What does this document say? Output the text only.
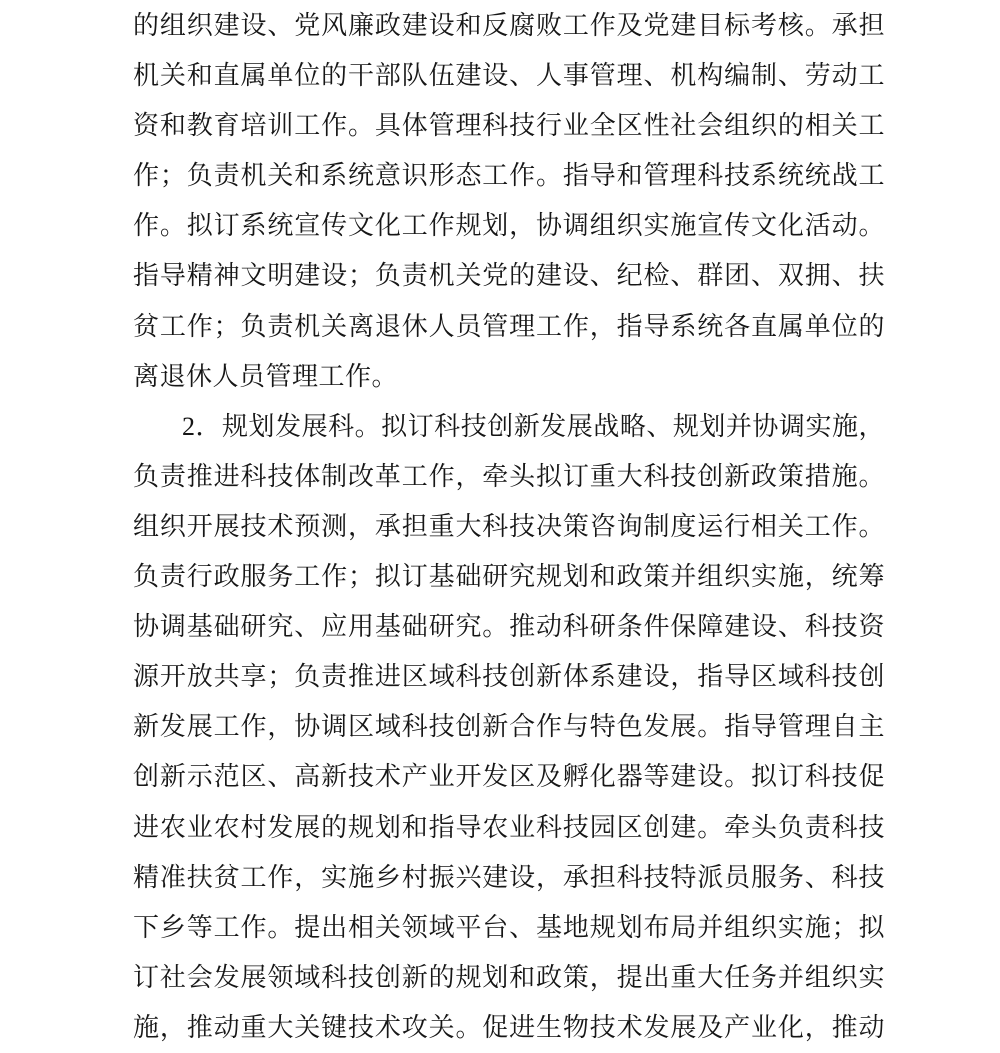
的组织建设、党风廉政建设和反腐败工作及党建目标考核。承担
机关和直属单位的干部队伍建设、人事管理、机构编制、劳动工
资和教育培训工作。具体管理科技行业全区性社会组织的相关工
作；负责机关和系统意识形态工作。指导和管理科技系统统战工
作。拟订系统宣传文化工作规划，协调组织实施宣传文化活动。
指导精神文明建设；负责机关党的建设、纪检、群团、双拥、扶
贫工作；负责机关离退休人员管理工作，指导系统各直属单位的
离退休人员管理工作。
2．规划发展科。拟订科技创新发展战略、规划并协调实施，
负责推进科技体制改革工作，牵头拟订重大科技创新政策措施。
组织开展技术预测，承担重大科技决策咨询制度运行相关工作。
负责行政服务工作；拟订基础研究规划和政策并组织实施，统筹
协调基础研究、应用基础研究。推动科研条件保障建设、科技资
源开放共享；负责推进区域科技创新体系建设，指导区域科技创
新发展工作，协调区域科技创新合作与特色发展。指导管理自主
创新示范区、高新技术产业开发区及孵化器等建设。拟订科技促
进农业农村发展的规划和指导农业科技园区创建。牵头负责科技
精准扶贫工作，实施乡村振兴建设，承担科技特派员服务、科技
下乡等工作。提出相关领域平台、基地规划布局并组织实施；拟
订社会发展领域科技创新的规划和政策，提出重大任务并组织实
施，推动重大关键技术攻关。促进生物技术发展及产业化，推动
